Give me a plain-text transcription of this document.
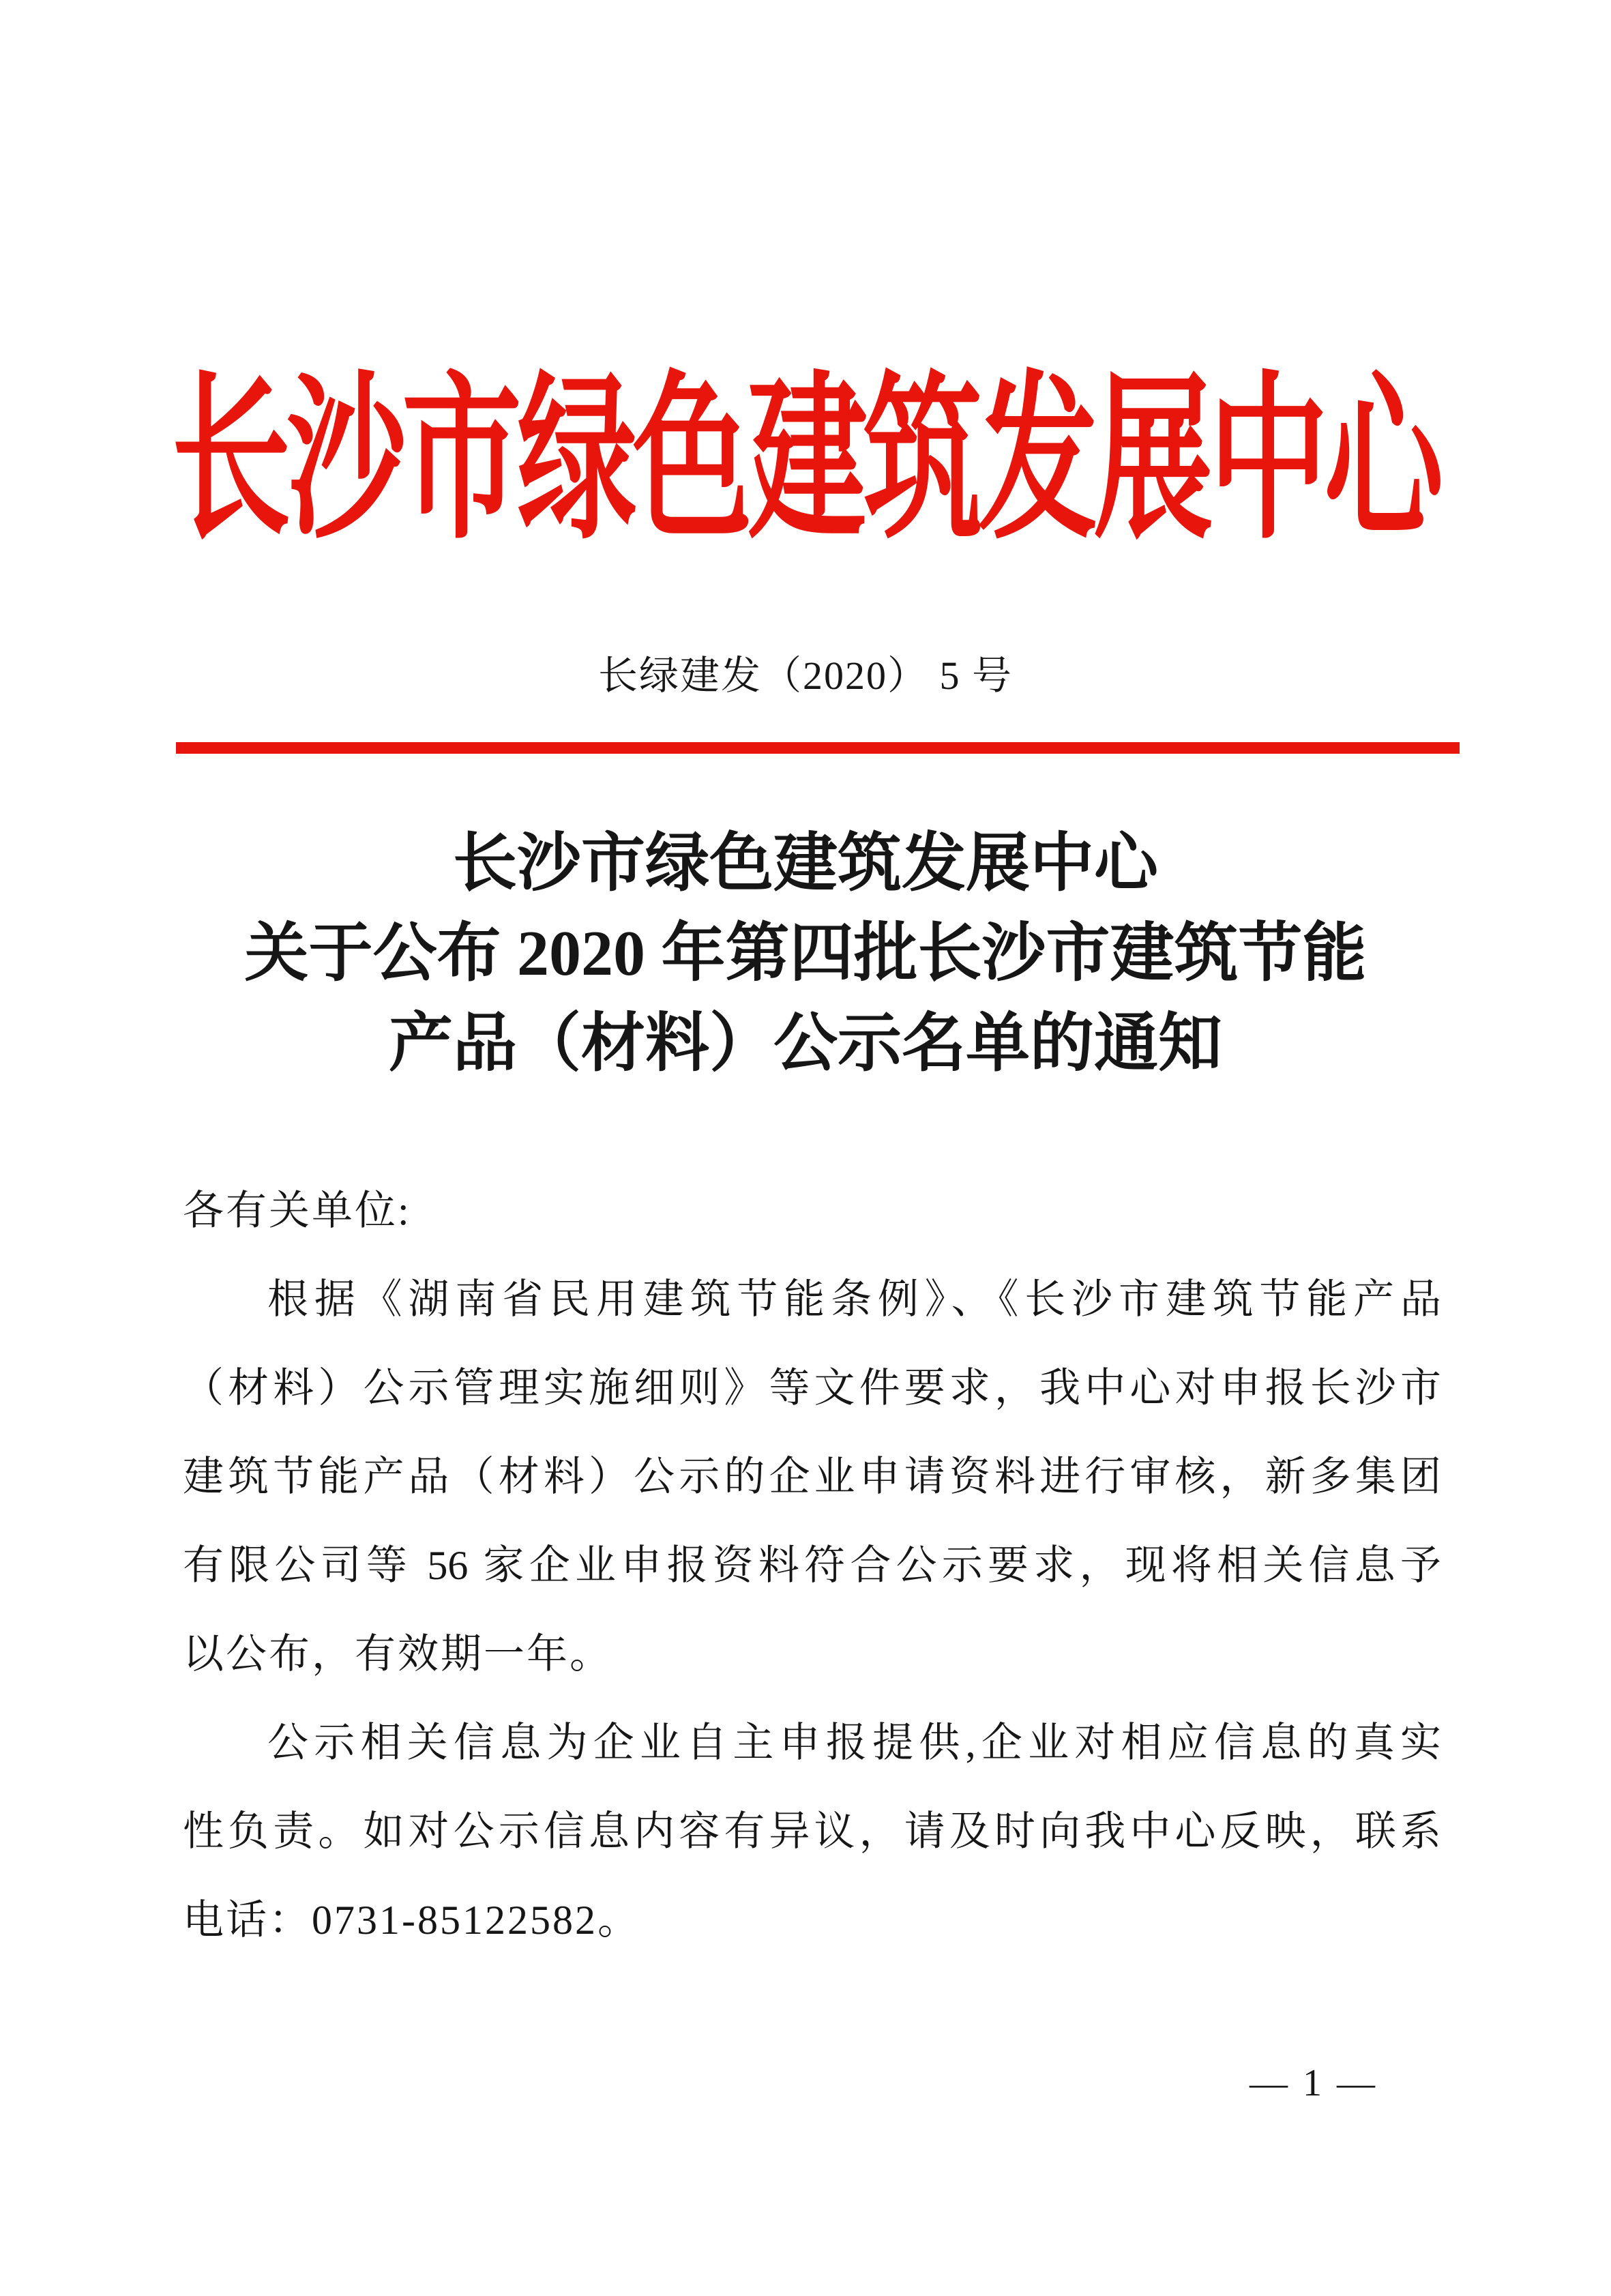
长沙市绿色建筑发展中心
长绿建发（2020） 5 号
长沙市绿色建筑发展中心
关于公布 2020 年第四批长沙市建筑节能
产品（材料）公示名单的通知
各有关单位:
根据《湖南省民用建筑节能条例》、《长沙市建筑节能产品
（材料）公示管理实施细则》等文件要求，我中心对申报长沙市
建筑节能产品（材料）公示的企业申请资料进行审核，新多集团
有限公司等 56 家企业申报资料符合公示要求，现将相关信息予
以公布，有效期一年。
公示相关信息为企业自主申报提供,企业对相应信息的真实
性负责。如对公示信息内容有异议，请及时向我中心反映，联系
电话：0731-85122582。
— 1 —
